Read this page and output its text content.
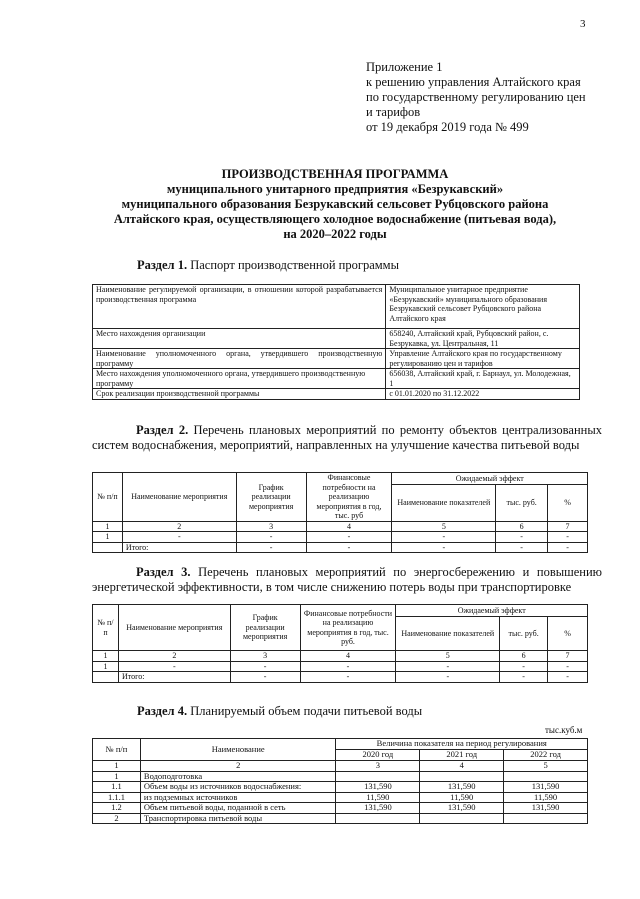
3
Приложение 1
к решению управления Алтайского края
по государственному регулированию цен
и тарифов
от 19 декабря 2019 года № 499
ПРОИЗВОДСТВЕННАЯ ПРОГРАММА
муниципального унитарного предприятия «Безрукавский»
муниципального образования Безрукавский сельсовет Рубцовского района
Алтайского края, осуществляющего холодное водоснабжение (питьевая вода),
на 2020–2022 годы
Раздел 1. Паспорт производственной программы
Наименование регулируемой организации, в отношении которой разрабатывается производственная программа	Муниципальное унитарное предприятие «Безрукавский» муниципального образования Безрукавский сельсовет Рубцовского района Алтайского края
Место нахождения организации	658240, Алтайский край, Рубцовский район, с. Безрукавка, ул. Центральная, 11
Наименование уполномоченного органа, утвердившего производственную программу	Управление Алтайского края по государственному регулированию цен и тарифов
Место нахождения уполномоченного органа, утвердившего производственную программу	656038, Алтайский край, г. Барнаул, ул. Молодежная, 1
Срок реализации производственной программы	с 01.01.2020 по 31.12.2022
Раздел 2. Перечень плановых мероприятий по ремонту объектов централизованных систем водоснабжения, мероприятий, направленных на улучшение качества питьевой воды
№ п/п	Наименование мероприятия	График реализации мероприятия	Финансовые потребности на реализацию мероприятия в год, тыс. руб	Ожидаемый эффект		
				Наименование показателей	тыс. руб.	%
1	2	3	4	5	6	7
1	-	-	-	-	-	-
	Итого:	-	-	-	-	-
Раздел 3. Перечень плановых мероприятий по энергосбережению и повышению энергетической эффективности, в том числе снижению потерь воды при транспортировке
№ п/п	Наименование мероприятия	График реализации мероприятия	Финансовые потребности на реализацию мероприятия в год, тыс. руб.	Ожидаемый эффект		
				Наименование показателей	тыс. руб.	%
1	2	3	4	5	6	7
1	-	-	-	-	-	-
	Итого:	-	-	-	-	-
Раздел 4. Планируемый объем подачи питьевой воды
тыс.куб.м
№ п/п	Наименование	Величина показателя на период регулирования		
		2020 год	2021 год	2022 год
1	2	3	4	5
1	Водоподготовка			
1.1	Объем воды из источников водоснабжения:	131,590	131,590	131,590
1.1.1	из подземных источников	11,590	11,590	11,590
1.2	Объем питьевой воды, поданной в сеть	131,590	131,590	131,590
2	Транспортировка питьевой воды			
